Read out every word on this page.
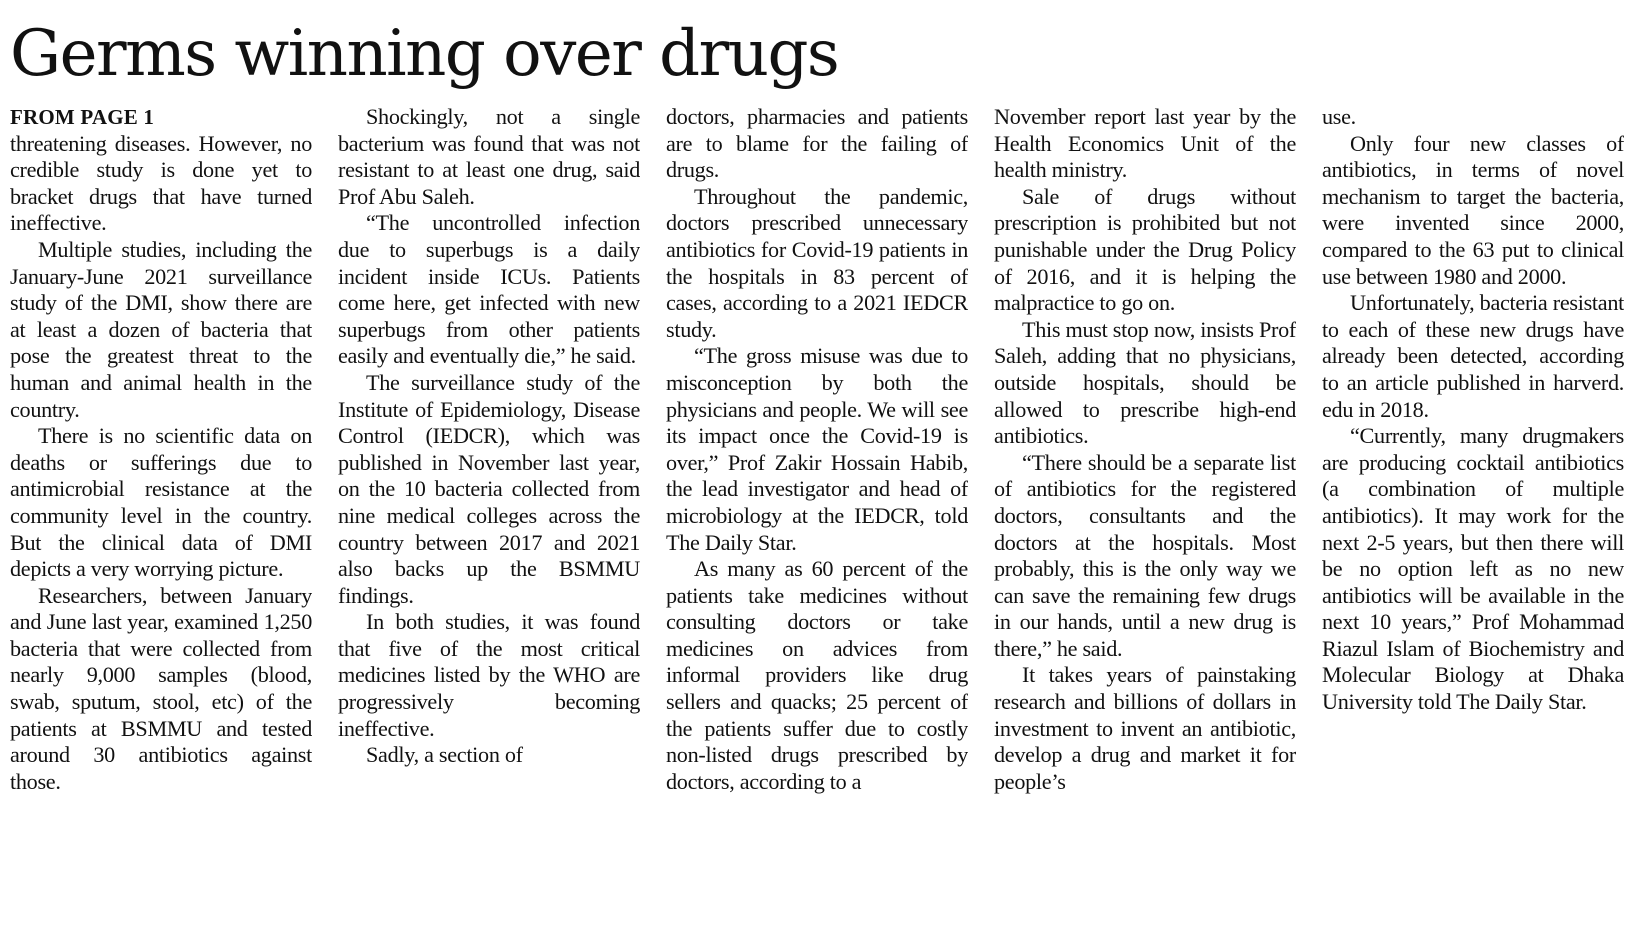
Germs winning over drugs
FROM PAGE 1

threatening diseases. However, no credible study is done yet to bracket drugs that have turned ineffective.

Multiple studies, including the January-June 2021 surveillance study of the DMI, show there are at least a dozen of bacteria that pose the greatest threat to the human and animal health in the country.

There is no scientific data on deaths or sufferings due to antimicrobial resistance at the community level in the country. But the clinical data of DMI depicts a very worrying picture.

Researchers, between January and June last year, examined 1,250 bacteria that were collected from nearly 9,000 samples (blood, swab, sputum, stool, etc) of the patients at BSMMU and tested around 30 antibiotics against those.

Shockingly, not a single bacterium was found that was not resistant to at least one drug, said Prof Abu Saleh.

“The uncontrolled infection due to superbugs is a daily incident inside ICUs. Patients come here, get infected with new superbugs from other patients easily and eventually die,” he said.

The surveillance study of the Institute of Epidemiology, Disease Control (IEDCR), which was published in November last year, on the 10 bacteria collected from nine medical colleges across the country between 2017 and 2021 also backs up the BSMMU findings.

In both studies, it was found that five of the most critical medicines listed by the WHO are progressively becoming ineffective.

Sadly, a section of

doctors, pharmacies and patients are to blame for the failing of drugs.

Throughout the pandemic, doctors prescribed unnecessary antibiotics for Covid-19 patients in the hospitals in 83 percent of cases, according to a 2021 IEDCR study.

“The gross misuse was due to misconception by both the physicians and people. We will see its impact once the Covid-19 is over,” Prof Zakir Hossain Habib, the lead investigator and head of microbiology at the IEDCR, told The Daily Star.

As many as 60 percent of the patients take medicines without consulting doctors or take medicines on advices from informal providers like drug sellers and quacks; 25 percent of the patients suffer due to costly non-listed drugs prescribed by doctors, according to a

November report last year by the Health Economics Unit of the health ministry.

Sale of drugs without prescription is prohibited but not punishable under the Drug Policy of 2016, and it is helping the malpractice to go on.

This must stop now, insists Prof Saleh, adding that no physicians, outside hospitals, should be allowed to prescribe high-end antibiotics.

“There should be a separate list of antibiotics for the registered doctors, consultants and the doctors at the hospitals. Most probably, this is the only way we can save the remaining few drugs in our hands, until a new drug is there,” he said.

It takes years of painstaking research and billions of dollars in investment to invent an antibiotic, develop a drug and market it for people’s

use.

Only four new classes of antibiotics, in terms of novel mechanism to target the bacteria, were invented since 2000, compared to the 63 put to clinical use between 1980 and 2000.

Unfortunately, bacteria resistant to each of these new drugs have already been detected, according to an article published in harverd. edu in 2018.

“Currently, many drugmakers are producing cocktail antibiotics (a combination of multiple antibiotics). It may work for the next 2-5 years, but then there will be no option left as no new antibiotics will be available in the next 10 years,” Prof Mohammad Riazul Islam of Biochemistry and Molecular Biology at Dhaka University told The Daily Star.
